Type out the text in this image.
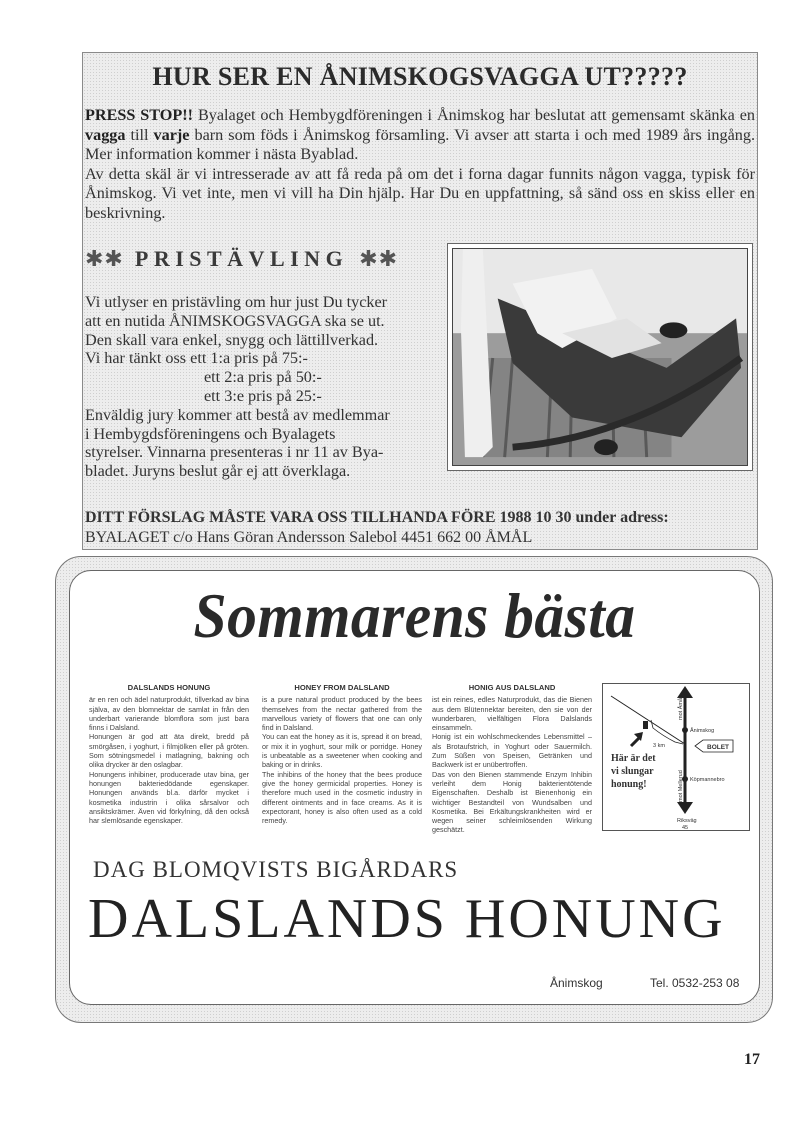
HUR SER EN ÅNIMSKOGSVAGGA UT?????

PRESS STOP!! Byalaget och Hembygdföreningen i Ånimskog har beslutat att gemensamt skänka en vagga till varje barn som föds i Ånimskog församling. Vi avser att starta i och med 1989 års ingång. Mer information kommer i nästa Byablad.

Av detta skäl är vi intresserade av att få reda på om det i forna dagar funnits någon vagga, typisk för Ånimskog. Vi vet inte, men vi vill ha Din hjälp. Har Du en uppfattning, så sänd oss en skiss eller en beskrivning.

✱✱ PRISTÄVLING ✱✱
Vi utlyser en pristävling om hur just Du tycker
att en nutida ÅNIMSKOGSVAGGA ska se ut.
Den skall vara enkel, snygg och lättillverkad.
Vi har tänkt oss ett 1:a pris på 75:-
ett 2:a pris på 50:-
ett 3:e pris på 25:-
Enväldig jury kommer att bestå av medlemmar
i Hembygdsföreningens och Byalagets
styrelser. Vinnarna presenteras i nr 11 av Bya-
bladet. Juryns beslut går ej att överklaga.
DITT FÖRSLAG MÅSTE VARA OSS TILLHANDA FÖRE 1988 10 30 under adress:
BYALAGET c/o Hans Göran Andersson Salebol 4451 662 00 ÅMÅL
Sommarens bästa
DALSLANDS HONUNG

är en ren och ädel naturprodukt, tillverkad av bina själva, av den blomnektar de samlat in från den underbart varierande blomflora som just bara finns i Dalsland.

Honungen är god att äta direkt, bredd på smörgåsen, i yoghurt, i filmjölken eller på gröten. Som sötningsmedel i matlagning, bakning och olika drycker är den oslagbar.

Honungens inhibiner, producerade utav bina, ger honungen bakteriedödande egenskaper. Honungen används bl.a. därför mycket i kosmetika industrin i olika sårsalvor och ansiktskrämer. Även vid förkylning, då den också har slemlösande egenskaper.

HONEY FROM DALSLAND

is a pure natural product produced by the bees themselves from the nectar gathered from the marvellous variety of flowers that one can only find in Dalsland.

You can eat the honey as it is, spread it on bread, or mix it in yoghurt, sour milk or porridge. Honey is unbeatable as a sweetener when cooking and baking or in drinks.

The inhibins of the honey that the bees produce give the honey germicidal properties. Honey is therefore much used in the cosmetic industry in different ointments and in face creams. As it is expectorant, honey is also often used as a cold remedy.

HONIG AUS DALSLAND

ist ein reines, edles Naturprodukt, das die Bienen aus dem Blütennektar bereiten, den sie von der wunderbaren, vielfältigen Flora Dalslands einsammeln.

Honig ist ein wohlschmeckendes Lebensmittel – als Brotaufstrich, in Yoghurt oder Sauermilch. Zum Süßen von Speisen, Getränken und Backwerk ist er unübertroffen.

Das von den Bienen stammende Enzym Inhibin verleiht dem Honig bakterientötende Eigenschaften. Deshalb ist Bienenhonig ein wichtiger Bestandteil von Wundsalben und Kosmetika. Bei Erkältungskrankheiten wird er wegen seiner schleimlösenden Wirkung geschätzt.

BOLET
Ånimskog
Köpmannebro
3 km
mot Åmål
mot Mellerud
Riksväg
45
Här är det
vi slungar
honung!
DAG BLOMQVISTS BIGÅRDARS
DALSLANDS HONUNG
Ånimskog	Tel. 0532-253 08
17
